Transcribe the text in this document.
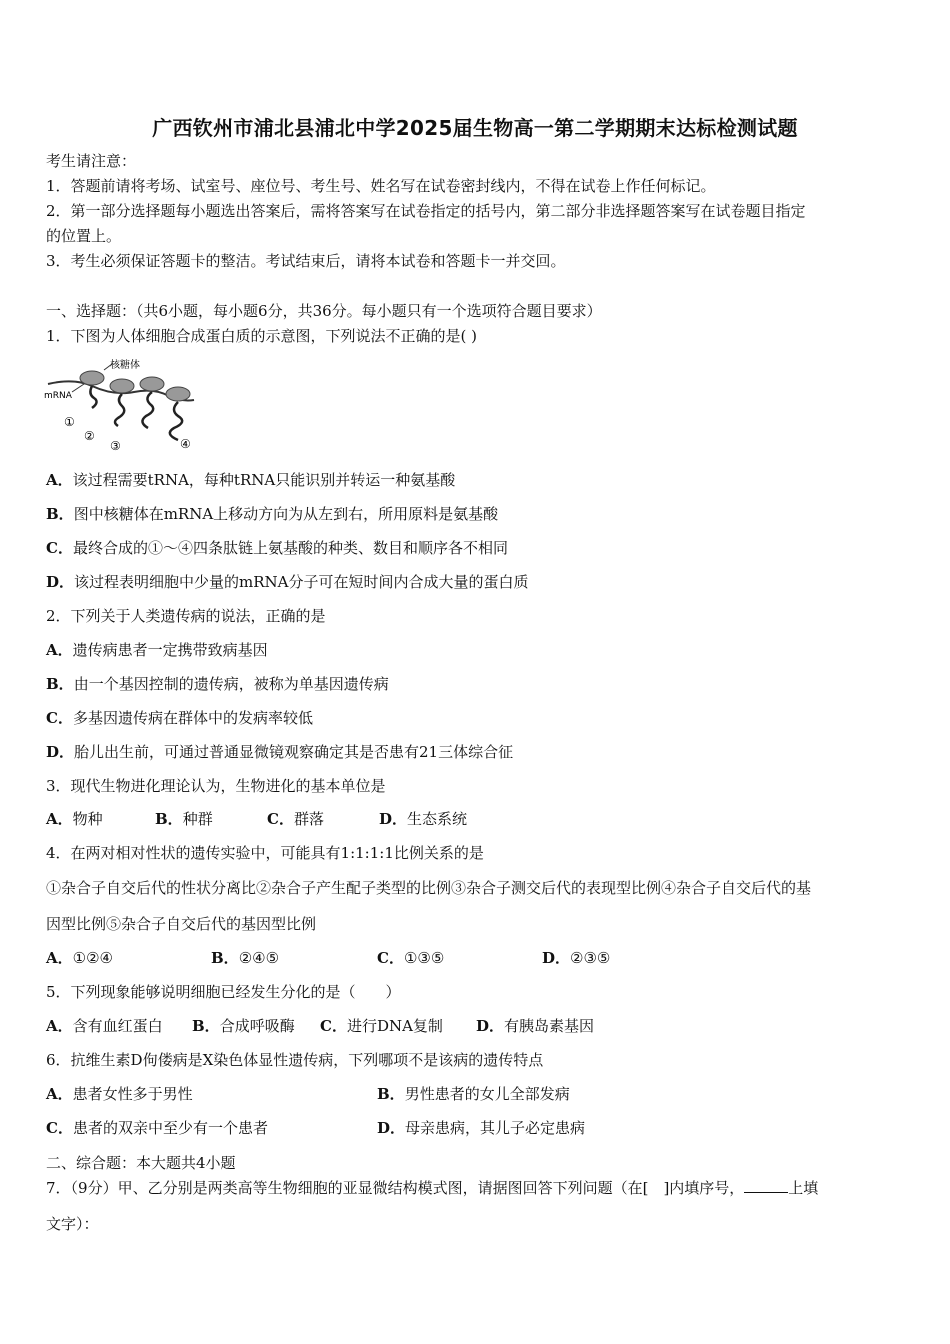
广西钦州市浦北县浦北中学2025届生物高一第二学期期末达标检测试题
考生请注意：
1．答题前请将考场、试室号、座位号、考生号、姓名写在试卷密封线内，不得在试卷上作任何标记。
2．第一部分选择题每小题选出答案后，需将答案写在试卷指定的括号内，第二部分非选择题答案写在试卷题目指定
的位置上。
3．考生必须保证答题卡的整洁。考试结束后，请将本试卷和答题卡一并交回。
一、选择题：（共6小题，每小题6分，共36分。每小题只有一个选项符合题目要求）
1．下图为人体细胞合成蛋白质的示意图，下列说法不正确的是( )
核糖体
mRNA
①
②
③	④
A．该过程需要tRNA，每种tRNA只能识别并转运一种氨基酸
B．图中核糖体在mRNA上移动方向为从左到右，所用原料是氨基酸
C．最终合成的①～④四条肽链上氨基酸的种类、数目和顺序各不相同
D．该过程表明细胞中少量的mRNA分子可在短时间内合成大量的蛋白质
2．下列关于人类遗传病的说法，正确的是
A．遗传病患者一定携带致病基因
B．由一个基因控制的遗传病，被称为单基因遗传病
C．多基因遗传病在群体中的发病率较低
D．胎儿出生前，可通过普通显微镜观察确定其是否患有21三体综合征
3．现代生物进化理论认为，生物进化的基本单位是
A．物种	B．种群	C．群落	D．生态系统
4．在两对相对性状的遗传实验中，可能具有1:1:1:1比例关系的是
①杂合子自交后代的性状分离比②杂合子产生配子类型的比例③杂合子测交后代的表现型比例④杂合子自交后代的基
因型比例⑤杂合子自交后代的基因型比例
A．①②④	B．②④⑤	C．①③⑤	D．②③⑤
5．下列现象能够说明细胞已经发生分化的是（　　）
A．含有血红蛋白 B．合成呼吸酶 C．进行DNA复制 D．有胰岛素基因
6．抗维生素D佝偻病是X染色体显性遗传病，下列哪项不是该病的遗传特点
A．患者女性多于男性	B．男性患者的女儿全部发病
C．患者的双亲中至少有一个患者	D．母亲患病，其儿子必定患病
二、综合题：本大题共4小题
7．（9分）甲、乙分别是两类高等生物细胞的亚显微结构模式图，请据图回答下列问题（在[　]内填序号，	上填
文字）：
